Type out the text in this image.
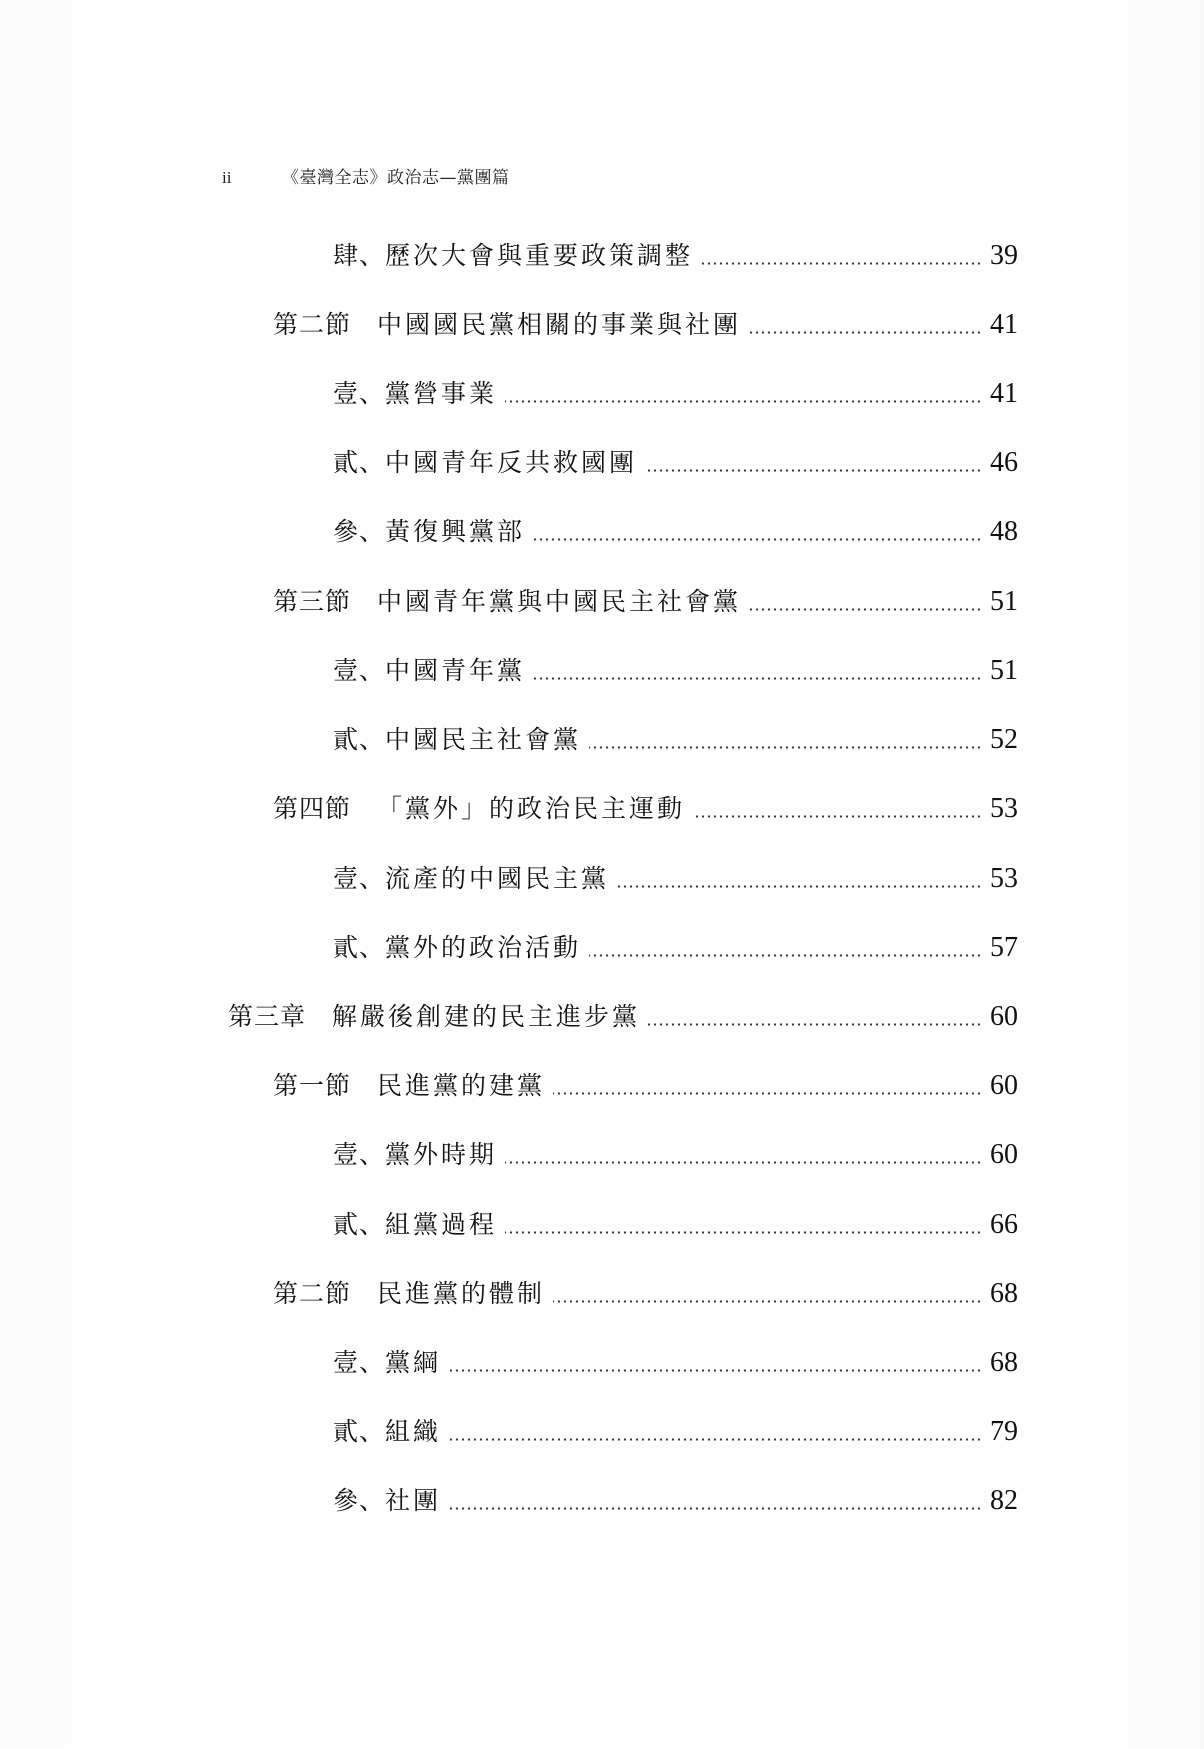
ii	《臺灣全志》政治志—黨團篇
肆、歷次大會與重要政策調整	39
第二節 中國國民黨相關的事業與社團	41
壹、黨營事業	41
貳、中國青年反共救國團	46
參、黃復興黨部	48
第三節 中國青年黨與中國民主社會黨	51
壹、中國青年黨	51
貳、中國民主社會黨	52
第四節 「黨外」的政治民主運動	53
壹、流產的中國民主黨	53
貳、黨外的政治活動	57
第三章 解嚴後創建的民主進步黨	60
第一節 民進黨的建黨	60
壹、黨外時期	60
貳、組黨過程	66
第二節 民進黨的體制	68
壹、黨綱	68
貳、組織	79
參、社團	82
